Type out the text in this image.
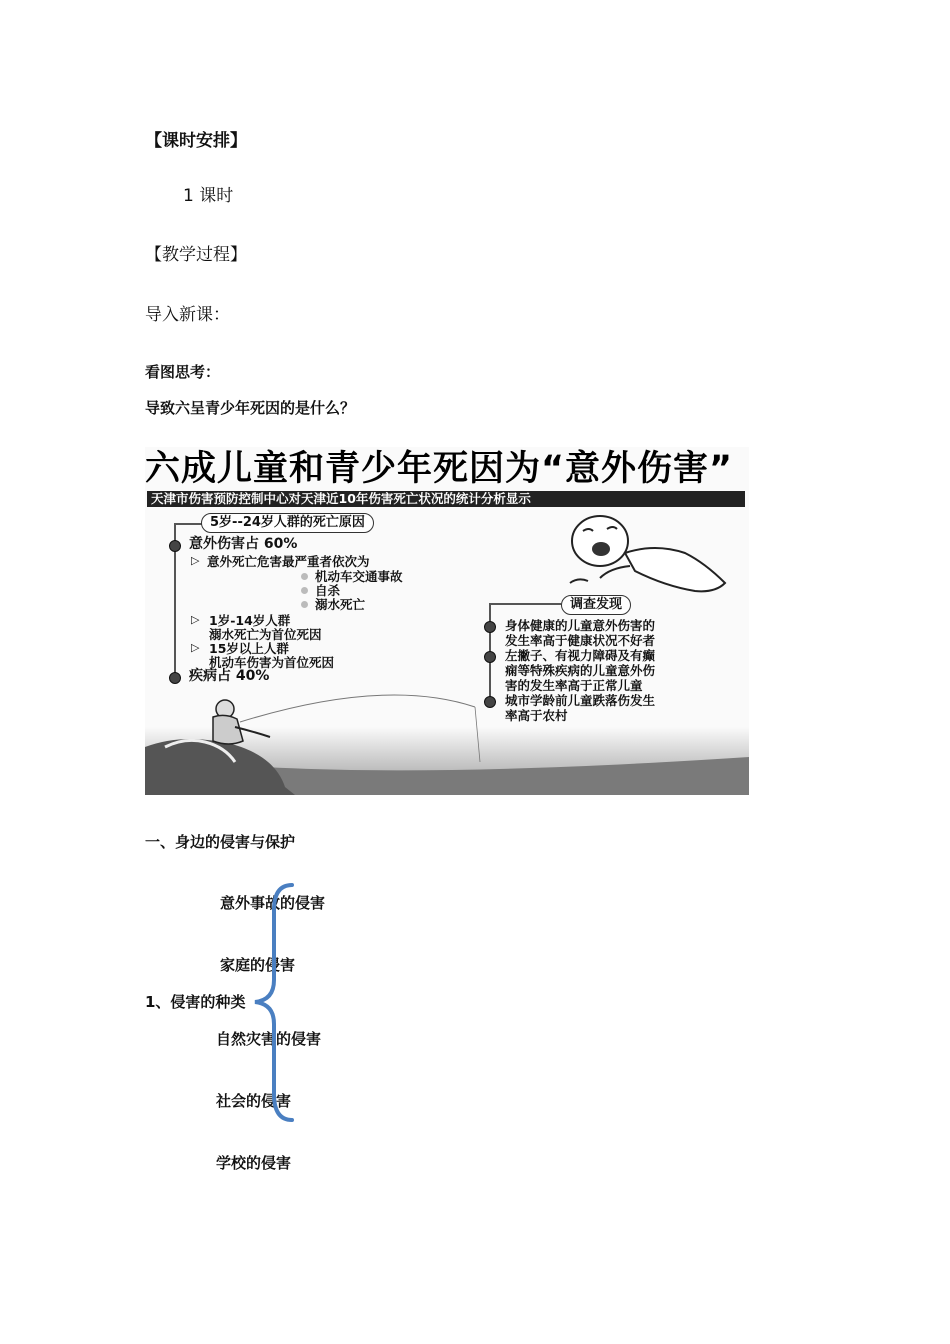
【课时安排】
1 课时
【教学过程】
导入新课：
看图思考：
导致六呈青少年死因的是什么？
六成儿童和青少年死因为“意外伤害”
天津市伤害预防控制中心对天津近10年伤害死亡状况的统计分析显示
5岁--24岁人群的死亡原因
意外伤害占 60%
▷ 意外死亡危害最严重者依次为
机动车交通事故
自杀
溺水死亡
▷ 1岁-14岁人群
溺水死亡为首位死因
▷ 15岁以上人群
机动车伤害为首位死因
疾病占 40%
调查发现
身体健康的儿童意外伤害的
发生率高于健康状况不好者
左撇子、有视力障碍及有癫
痫等特殊疾病的儿童意外伤
害的发生率高于正常儿童
城市学龄前儿童跌落伤发生
率高于农村
一、身边的侵害与保护
意外事故的侵害
家庭的侵害
1、侵害的种类
自然灾害的侵害
社会的侵害
学校的侵害
